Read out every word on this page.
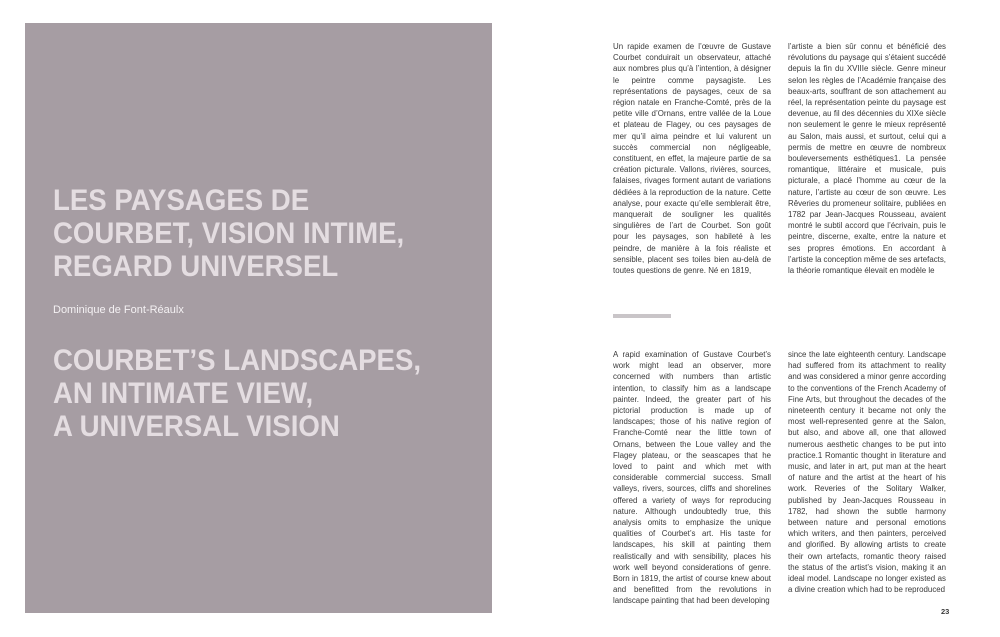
LES PAYSAGES DE
COURBET, VISION INTIME,
REGARD UNIVERSEL
Dominique de Font-Réaulx
COURBET’S LANDSCAPES,
AN INTIMATE VIEW,
A UNIVERSAL VISION

Un rapide examen de l’œuvre de Gustave Courbet conduirait un observateur, attaché aux nombres plus qu’à l’intention, à désigner le peintre comme paysagiste. Les représentations de paysages, ceux de sa région natale en Franche-Comté, près de la petite ville d’Ornans, entre vallée de la Loue et plateau de Flagey, ou ces paysages de mer qu’il aima peindre et lui valurent un succès commercial non négligeable, constituent, en effet, la majeure partie de sa création picturale. Vallons, rivières, sources, falaises, rivages forment autant de variations dédiées à la reproduction de la nature. Cette analyse, pour exacte qu’elle semblerait être, manquerait de souligner les qualités singulières de l’art de Courbet. Son goût pour les paysages, son habileté à les peindre, de manière à la fois réaliste et sensible, placent ses toiles bien au-delà de toutes questions de genre. Né en 1819,

l’artiste a bien sûr connu et bénéficié des révolutions du paysage qui s’étaient succédé depuis la fin du XVIIIe siècle. Genre mineur selon les règles de l’Académie française des beaux-arts, souffrant de son attachement au réel, la représentation peinte du paysage est devenue, au fil des décennies du XIXe siècle non seulement le genre le mieux représenté au Salon, mais aussi, et surtout, celui qui a permis de mettre en œuvre de nombreux bouleversements esthétiques1. La pensée romantique, littéraire et musicale, puis picturale, a placé l’homme au cœur de la nature, l’artiste au cœur de son œuvre. Les Rêveries du promeneur solitaire, publiées en 1782 par Jean-Jacques Rousseau, avaient montré le subtil accord que l’écrivain, puis le peintre, discerne, exalte, entre la nature et ses propres émotions. En accordant à l’artiste la conception même de ses artefacts, la théorie romantique élevait en modèle le

A rapid examination of Gustave Courbet’s work might lead an observer, more concerned with numbers than artistic intention, to classify him as a landscape painter. Indeed, the greater part of his pictorial production is made up of landscapes; those of his native region of Franche-Comté near the little town of Ornans, between the Loue valley and the Flagey plateau, or the seascapes that he loved to paint and which met with considerable commercial success. Small valleys, rivers, sources, cliffs and shorelines offered a variety of ways for reproducing nature. Although undoubtedly true, this analysis omits to emphasize the unique qualities of Courbet’s art. His taste for landscapes, his skill at painting them realistically and with sensibility, places his work well beyond considerations of genre. Born in 1819, the artist of course knew about and benefitted from the revolutions in landscape painting that had been developing

since the late eighteenth century. Landscape had suffered from its attachment to reality and was considered a minor genre according to the conventions of the French Academy of Fine Arts, but throughout the decades of the nineteenth century it became not only the most well-represented genre at the Salon, but also, and above all, one that allowed numerous aesthetic changes to be put into practice.1 Romantic thought in literature and music, and later in art, put man at the heart of nature and the artist at the heart of his work. Reveries of the Solitary Walker, published by Jean-Jacques Rousseau in 1782, had shown the subtle harmony between nature and personal emotions which writers, and then painters, perceived and glorified. By allowing artists to create their own artefacts, romantic theory raised the status of the artist’s vision, making it an ideal model. Landscape no longer existed as a divine creation which had to be reproduced

23
